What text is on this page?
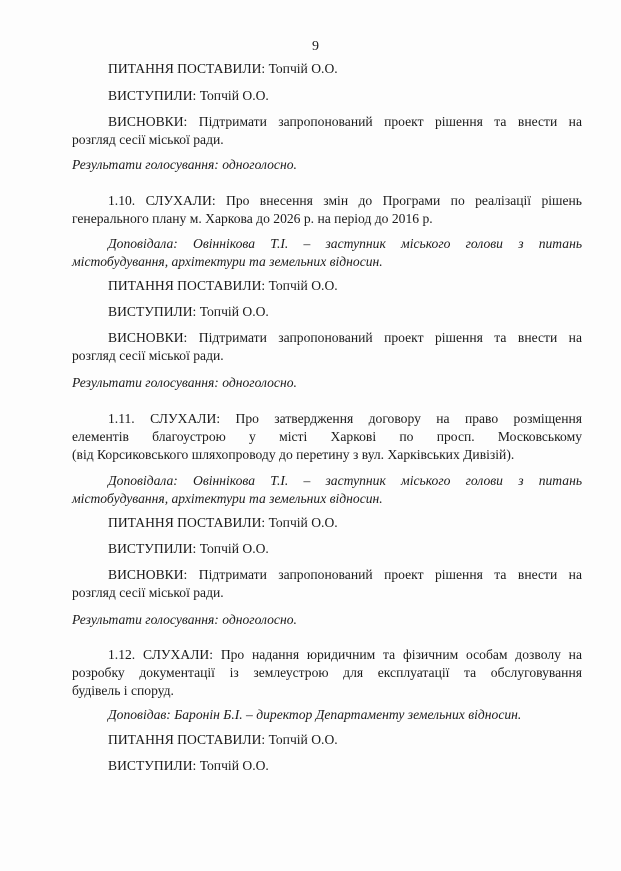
9
ПИТАННЯ ПОСТАВИЛИ: Топчій О.О.
ВИСТУПИЛИ: Топчій О.О.
ВИСНОВКИ: Підтримати запропонований проект рішення та внести на
розгляд сесії міської ради.
Результати голосування: одноголосно.
1.10. СЛУХАЛИ: Про внесення змін до Програми по реалізації рішень
генерального плану м. Харкова до 2026 р. на період до 2016 р.
Доповідала: Овіннікова Т.І. – заступник міського голови з питань
містобудування, архітектури та земельних відносин.
ПИТАННЯ ПОСТАВИЛИ: Топчій О.О.
ВИСТУПИЛИ: Топчій О.О.
ВИСНОВКИ: Підтримати запропонований проект рішення та внести на
розгляд сесії міської ради.
Результати голосування: одноголосно.
1.11. СЛУХАЛИ: Про затвердження договору на право розміщення
елементів благоустрою у місті Харкові по просп. Московському
(від Корсиковського шляхопроводу до перетину з вул. Харківських Дивізій).
Доповідала: Овіннікова Т.І. – заступник міського голови з питань
містобудування, архітектури та земельних відносин.
ПИТАННЯ ПОСТАВИЛИ: Топчій О.О.
ВИСТУПИЛИ: Топчій О.О.
ВИСНОВКИ: Підтримати запропонований проект рішення та внести на
розгляд сесії міської ради.
Результати голосування: одноголосно.
1.12. СЛУХАЛИ: Про надання юридичним та фізичним особам дозволу на
розробку документації із землеустрою для експлуатації та обслуговування
будівель і споруд.
Доповідав: Баронін Б.І. – директор Департаменту земельних відносин.
ПИТАННЯ ПОСТАВИЛИ: Топчій О.О.
ВИСТУПИЛИ: Топчій О.О.
